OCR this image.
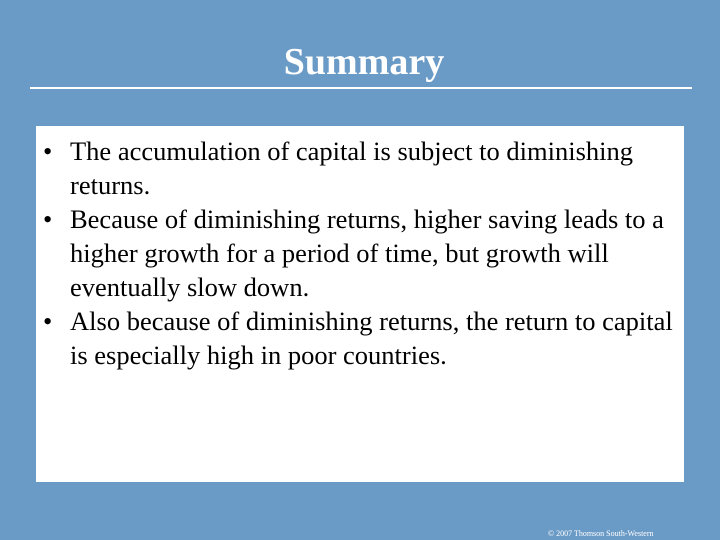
Summary
• The accumulation of capital is subject to diminishing returns.
• Because of diminishing returns, higher saving leads to a higher growth for a period of time, but growth will eventually slow down.
• Also because of diminishing returns, the return to capital is especially high in poor countries.
© 2007 Thomson South-Western
